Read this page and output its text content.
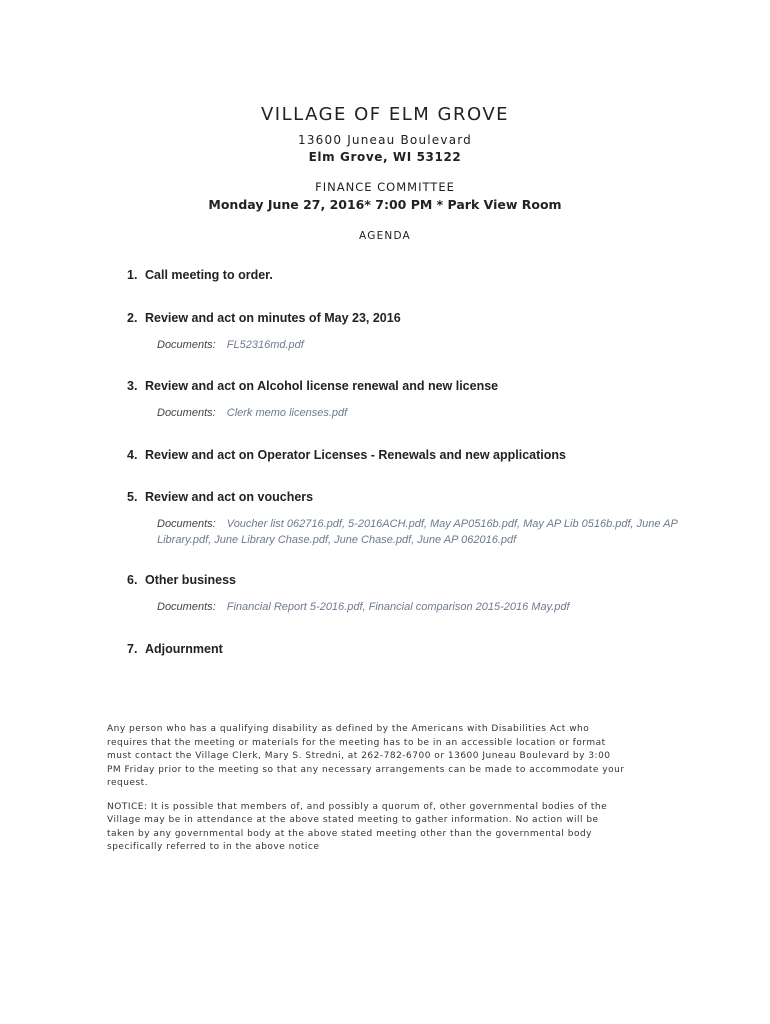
VILLAGE OF ELM GROVE
13600 Juneau Boulevard
Elm Grove, WI 53122
FINANCE COMMITTEE
Monday June 27, 2016* 7:00 PM * Park View Room
AGENDA
1. Call meeting to order.
2. Review and act on minutes of May 23, 2016
Documents: FL52316md.pdf
3. Review and act on Alcohol license renewal and new license
Documents: Clerk memo licenses.pdf
4. Review and act on Operator Licenses - Renewals and new applications
5. Review and act on vouchers
Documents: Voucher list 062716.pdf, 5-2016ACH.pdf, May AP0516b.pdf, May AP Lib 0516b.pdf, June AP Library.pdf, June Library Chase.pdf, June Chase.pdf, June AP 062016.pdf
6. Other business
Documents: Financial Report 5-2016.pdf, Financial comparison 2015-2016 May.pdf
7. Adjournment

Any person who has a qualifying disability as defined by the Americans with Disabilities Act who requires that the meeting or materials for the meeting has to be in an accessible location or format must contact the Village Clerk, Mary S. Stredni, at 262-782-6700 or 13600 Juneau Boulevard by 3:00 PM Friday prior to the meeting so that any necessary arrangements can be made to accommodate your request.

NOTICE: It is possible that members of, and possibly a quorum of, other governmental bodies of the Village may be in attendance at the above stated meeting to gather information. No action will be taken by any governmental body at the above stated meeting other than the governmental body specifically referred to in the above notice
